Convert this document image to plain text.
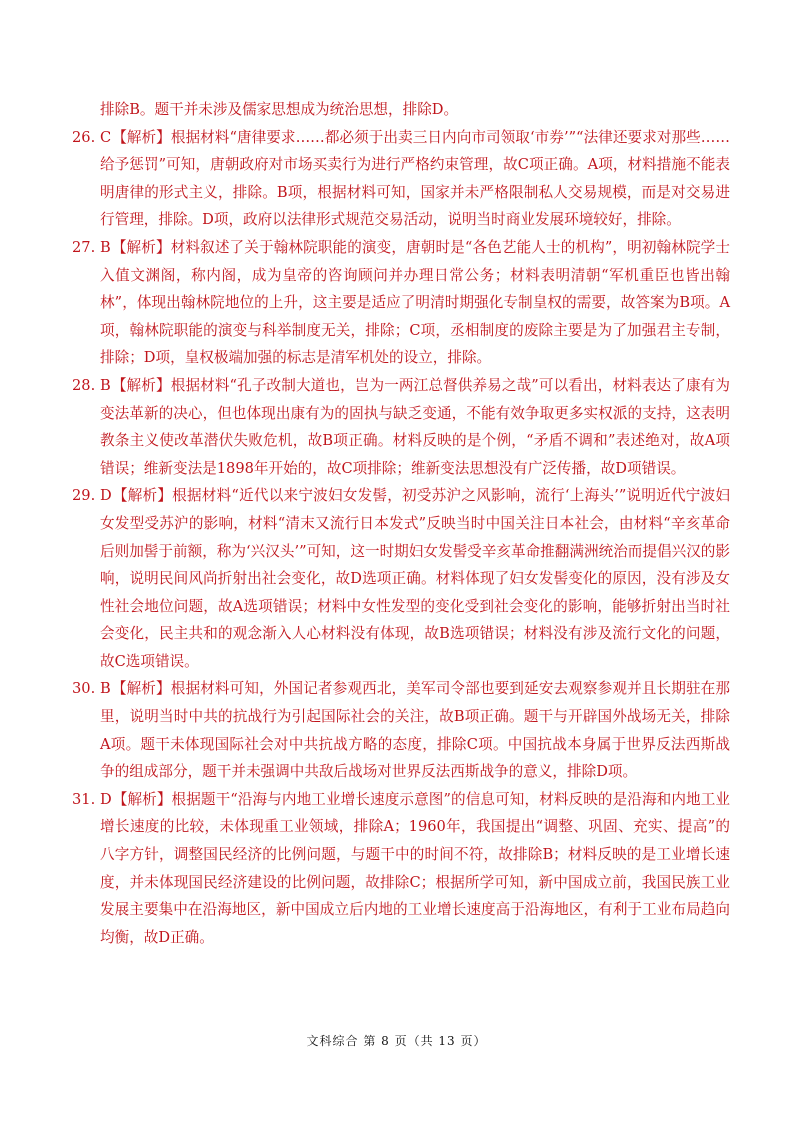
排除B。题干并未涉及儒家思想成为统治思想，排除D。

26. C【解析】根据材料“唐律要求……都必须于出卖三日内向市司领取‘市券’”“法律还要求对那些……给予惩罚”可知，唐朝政府对市场买卖行为进行严格约束管理，故C项正确。A项，材料措施不能表明唐律的形式主义，排除。B项，根据材料可知，国家并未严格限制私人交易规模，而是对交易进行管理，排除。D项，政府以法律形式规范交易活动，说明当时商业发展环境较好，排除。

27. B【解析】材料叙述了关于翰林院职能的演变，唐朝时是“各色艺能人士的机构”，明初翰林院学士入值文渊阁，称内阁，成为皇帝的咨询顾问并办理日常公务；材料表明清朝“军机重臣也皆出翰林”，体现出翰林院地位的上升，这主要是适应了明清时期强化专制皇权的需要，故答案为B项。A项，翰林院职能的演变与科举制度无关，排除；C项，丞相制度的废除主要是为了加强君主专制，排除；D项，皇权极端加强的标志是清军机处的设立，排除。

28. B【解析】根据材料“孔子改制大道也，岂为一两江总督供养易之哉”可以看出，材料表达了康有为变法革新的决心，但也体现出康有为的固执与缺乏变通，不能有效争取更多实权派的支持，这表明教条主义使改革潜伏失败危机，故B项正确。材料反映的是个例，“矛盾不调和”表述绝对，故A项错误；维新变法是1898年开始的，故C项排除；维新变法思想没有广泛传播，故D项错误。

29. D【解析】根据材料“近代以来宁波妇女发髻，初受苏沪之风影响，流行‘上海头’”说明近代宁波妇女发型受苏沪的影响，材料“清末又流行日本发式”反映当时中国关注日本社会，由材料“辛亥革命后则加髻于前额，称为‘兴汉头’”可知，这一时期妇女发髻受辛亥革命推翻满洲统治而提倡兴汉的影响，说明民间风尚折射出社会变化，故D选项正确。材料体现了妇女发髻变化的原因，没有涉及女性社会地位问题，故A选项错误；材料中女性发型的变化受到社会变化的影响，能够折射出当时社会变化，民主共和的观念渐入人心材料没有体现，故B选项错误；材料没有涉及流行文化的问题，故C选项错误。

30. B【解析】根据材料可知，外国记者参观西北，美军司令部也要到延安去观察参观并且长期驻在那里，说明当时中共的抗战行为引起国际社会的关注，故B项正确。题干与开辟国外战场无关，排除A项。题干未体现国际社会对中共抗战方略的态度，排除C项。中国抗战本身属于世界反法西斯战争的组成部分，题干并未强调中共敌后战场对世界反法西斯战争的意义，排除D项。

31. D【解析】根据题干“沿海与内地工业增长速度示意图”的信息可知，材料反映的是沿海和内地工业增长速度的比较，未体现重工业领域，排除A；1960年，我国提出“调整、巩固、充实、提高”的八字方针，调整国民经济的比例问题，与题干中的时间不符，故排除B；材料反映的是工业增长速度，并未体现国民经济建设的比例问题，故排除C；根据所学可知，新中国成立前，我国民族工业发展主要集中在沿海地区，新中国成立后内地的工业增长速度高于沿海地区，有利于工业布局趋向均衡，故D正确。

文科综合 第 8 页（共 13 页）
